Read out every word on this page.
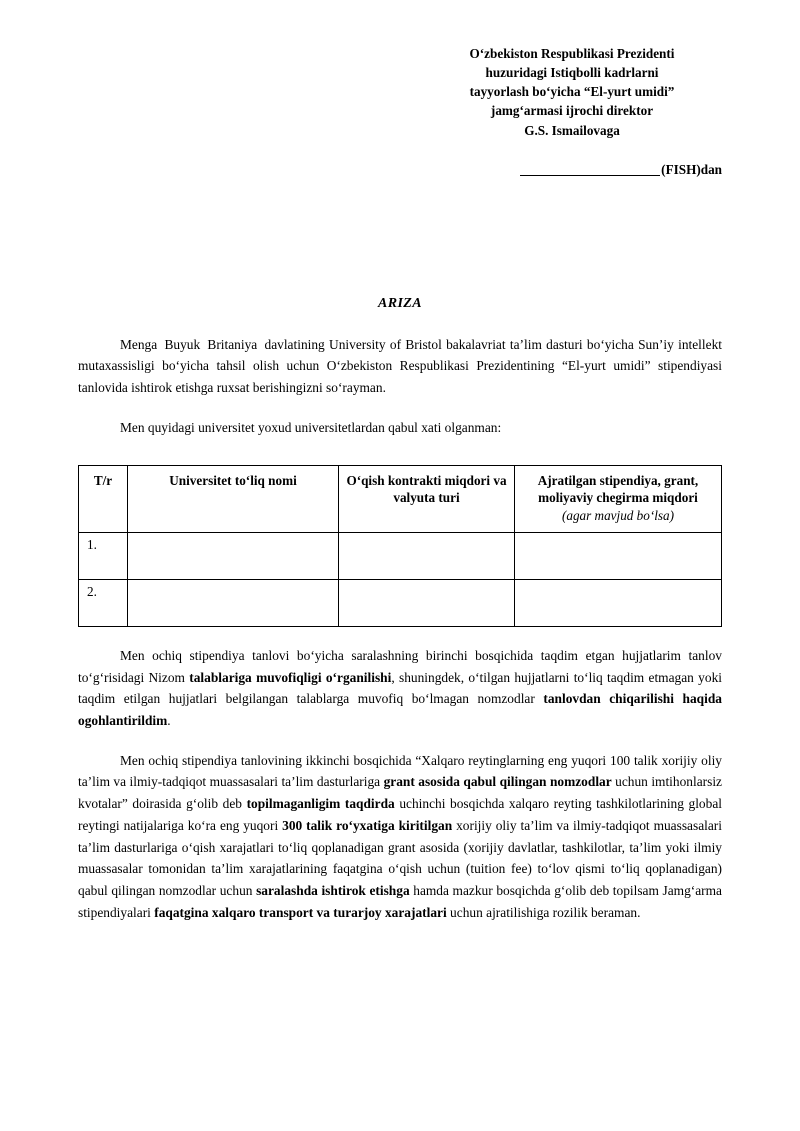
O‘zbekiston Respublikasi Prezidenti
huzuridagi Istiqbolli kadrlarni
tayyorlash bo‘yicha “El-yurt umidi”
jamg‘armasi ijrochi direktor
G.S. Ismailovaga
(FISH)dan
ARIZA

Menga Buyuk Britaniya davlatining University of Bristol bakalavriat ta’lim dasturi bo‘yicha Sun’iy intellekt mutaxassisligi bo‘yicha tahsil olish uchun O‘zbekiston Respublikasi Prezidentining “El-yurt umidi” stipendiyasi tanlovida ishtirok etishga ruxsat berishingizni so‘rayman.

Men quyidagi universitet yoxud universitetlardan qabul xati olganman:

T/r	Universitet to‘liq nomi	O‘qish kontrakti miqdori va valyuta turi	Ajratilgan stipendiya, grant, moliyaviy chegirma miqdori
(agar mavjud bo‘lsa)

1.			
2.			

Men ochiq stipendiya tanlovi bo‘yicha saralashning birinchi bosqichida taqdim etgan hujjatlarim tanlov to‘g‘risidagi Nizom talablariga muvofiqligi o‘rganilishi, shuningdek, o‘tilgan hujjatlarni to‘liq taqdim etmagan yoki taqdim etilgan hujjatlari belgilangan talablarga muvofiq bo‘lmagan nomzodlar tanlovdan chiqarilishi haqida ogohlantirildim.

Men ochiq stipendiya tanlovining ikkinchi bosqichida “Xalqaro reytinglarning eng yuqori 100 talik xorijiy oliy ta’lim va ilmiy-tadqiqot muassasalari ta’lim dasturlariga grant asosida qabul qilingan nomzodlar uchun imtihonlarsiz kvotalar” doirasida g‘olib deb topilmaganligim taqdirda uchinchi bosqichda xalqaro reyting tashkilotlarining global reytingi natijalariga ko‘ra eng yuqori 300 talik ro‘yxatiga kiritilgan xorijiy oliy ta’lim va ilmiy-tadqiqot muassasalari ta’lim dasturlariga o‘qish xarajatlari to‘liq qoplanadigan grant asosida (xorijiy davlatlar, tashkilotlar, ta’lim yoki ilmiy muassasalar tomonidan ta’lim xarajatlarining faqatgina o‘qish uchun (tuition fee) to‘lov qismi to‘liq qoplanadigan) qabul qilingan nomzodlar uchun saralashda ishtirok etishga hamda mazkur bosqichda g‘olib deb topilsam Jamg‘arma stipendiyalari faqatgina xalqaro transport va turarjoy xarajatlari uchun ajratilishiga rozilik beraman.
